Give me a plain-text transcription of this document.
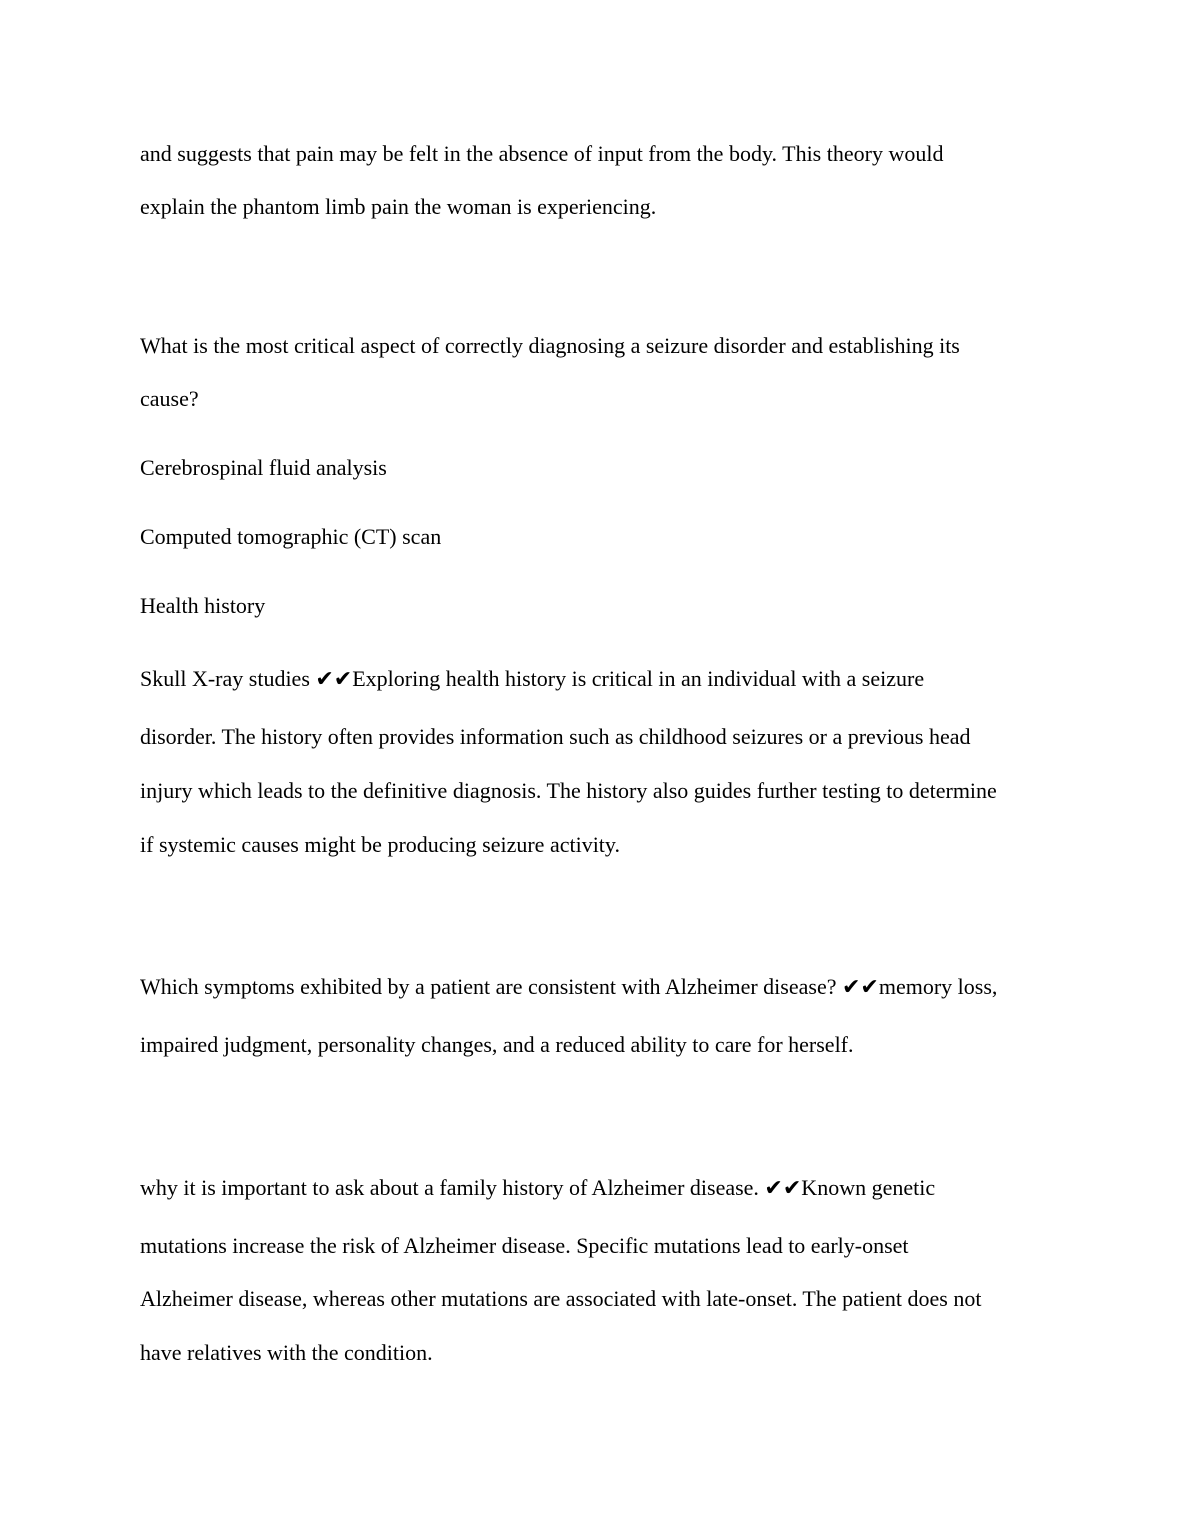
and suggests that pain may be felt in the absence of input from the body. This theory would
explain the phantom limb pain the woman is experiencing.
What is the most critical aspect of correctly diagnosing a seizure disorder and establishing its
cause?
Cerebrospinal fluid analysis
Computed tomographic (CT) scan
Health history
Skull X-ray studies ✔✔Exploring health history is critical in an individual with a seizure
disorder. The history often provides information such as childhood seizures or a previous head
injury which leads to the definitive diagnosis. The history also guides further testing to determine
if systemic causes might be producing seizure activity.
Which symptoms exhibited by a patient are consistent with Alzheimer disease? ✔✔memory loss,
impaired judgment, personality changes, and a reduced ability to care for herself.
why it is important to ask about a family history of Alzheimer disease. ✔✔Known genetic
mutations increase the risk of Alzheimer disease. Specific mutations lead to early-onset
Alzheimer disease, whereas other mutations are associated with late-onset. The patient does not
have relatives with the condition.
